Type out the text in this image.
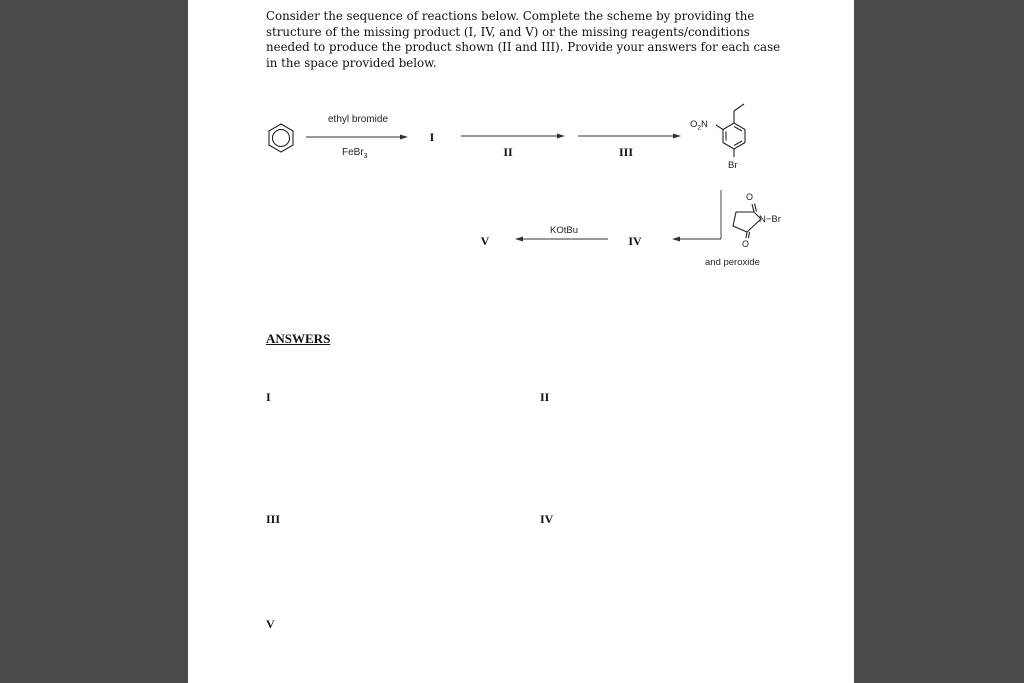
Consider the sequence of reactions below. Complete the scheme by providing the structure of the missing product (I, IV, and V) or the missing reagents/conditions needed to produce the product shown (II and III). Provide your answers for each case in the space provided below.

ethyl bromide
FeBr$_3$
I
II	III
$O_2N$
Br
O
O
N−Br
and peroxide
IV
KOtBu
V

ANSWERS

I	II

III	IV

V
